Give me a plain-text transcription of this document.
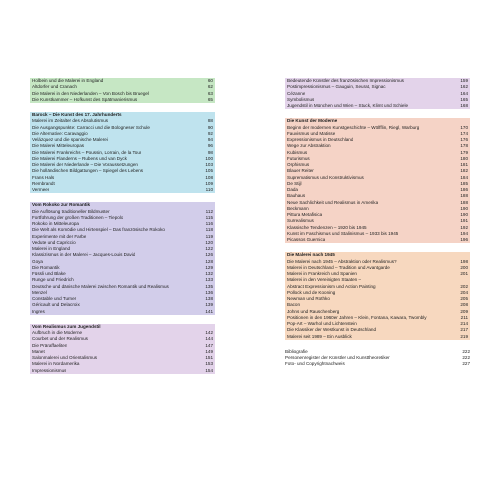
Holbein und die Malerei in England	60
Altdorfer und Cranach	62
Die Malerei in den Niederlanden – Von Bosch bis Bruegel	63
Die Kunstkammer – Hofkunst des Spätmanierismus	65
Barock – Die Kunst des 17. Jahrhunderts
Malerei im Zeitalter des Absolutismus	88
Die Ausgangspunkte: Carracci und die Bologneser Schule	90
Die Alternative: Caravaggio	92
Velázquez und die spanische Malerei	94
Die Malerei Mitteleuropas	96
Die Malerei Frankreichs – Poussin, Lorrain, de la Tour	98
Die Malerei Flanderns – Rubens und van Dyck	100
Die Malerei der Niederlande – Die Voraussetzungen	103
Die holländischen Bildgattungen – Spiegel des Lebens	105
Frans Hals	108
Rembrandt	109
Vermeer	110
Vom Rokoko zur Romantik
Die Auflösung traditioneller Bildmuster	112
Fortführung der großen Traditionen – Tiepolo	115
Rokoko in Mitteleuropa	116
Die Welt als Komödie und Hirtenspiel – Das französische Rokoko	118
Experimente mit der Farbe	119
Vedute und Capriccio	120
Malerei in England	122
Klassizismus in der Malerei – Jacques-Louis David	126
Goya	128
Die Romantik	129
Füssli und Blake	132
Runge und Friedrich	133
Deutsche und dänische Malerei zwischen Romantik und Realismus	135
Menzel	136
Constable und Turner	138
Géricault und Delacroix	139
Ingres	141
Vom Realismus zum Jugendstil
Aufbruch in die Moderne	142
Courbet und der Realismus	144
Die Präraffaeliten	147
Manet	149
Salonmalerei und Orientalismus	151
Malerei in Nordamerika	153
Impressionismus	154
Bedeutende Künstler des französischen Impressionismus	159
Postimpressionismus – Gauguin, Seurat, Signac	162
Cézanne	164
Symbolismus	165
Jugendstil in München und Wien – Stuck, Klimt und Schiele	168
Die Kunst der Moderne
Beginn der modernen Kunstgeschichte – Wölfflin, Riegl, Warburg	170
Fauvismus und Matisse	174
Expressionismus in Deutschland	176
Wege zur Abstraktion	178
Kubismus	179
Futurismus	180
Orphismus	181
Blauer Reiter	182
Suprematismus und Konstruktivismus	184
De Stijl	185
Dada	186
Bauhaus	188
Neue Sachlichkeit und Realismus in Amerika	188
Beckmann	190
Pittura Metafisica	190
Surrealismus	191
Klassische Tendenzen – 1920 bis 1945	192
Kunst im Faschismus und Stalinismus – 1933 bis 1945	194
Picassos Guernica	196
Die Malerei nach 1945
Die Malerei nach 1945 – Abstraktion oder Realismus?	198
Malerei in Deutschland – Tradition und Avantgarde	200
Malerei in Frankreich und Spanien	201
Malerei in den Vereinigten Staaten –
Abstract Expressionism und Action Painting	202
Pollock und de Kooning	204
Newman und Rothko	205
Bacon	208
Johns und Rauschenberg	209
Positionen in den 1960er Jahren – Klein, Fontana, Kawara, Twombly	211
Pop-Art – Warhol und Lichtenstein	214
Die Klassiker der Westkunst in Deutschland	217
Malerei seit 1989 – Ein Ausblick	219
Bibliografie	222
Personenregister der Künstler und Kunsttheoretiker	222
Foto- und Copyrightnachweis	227
